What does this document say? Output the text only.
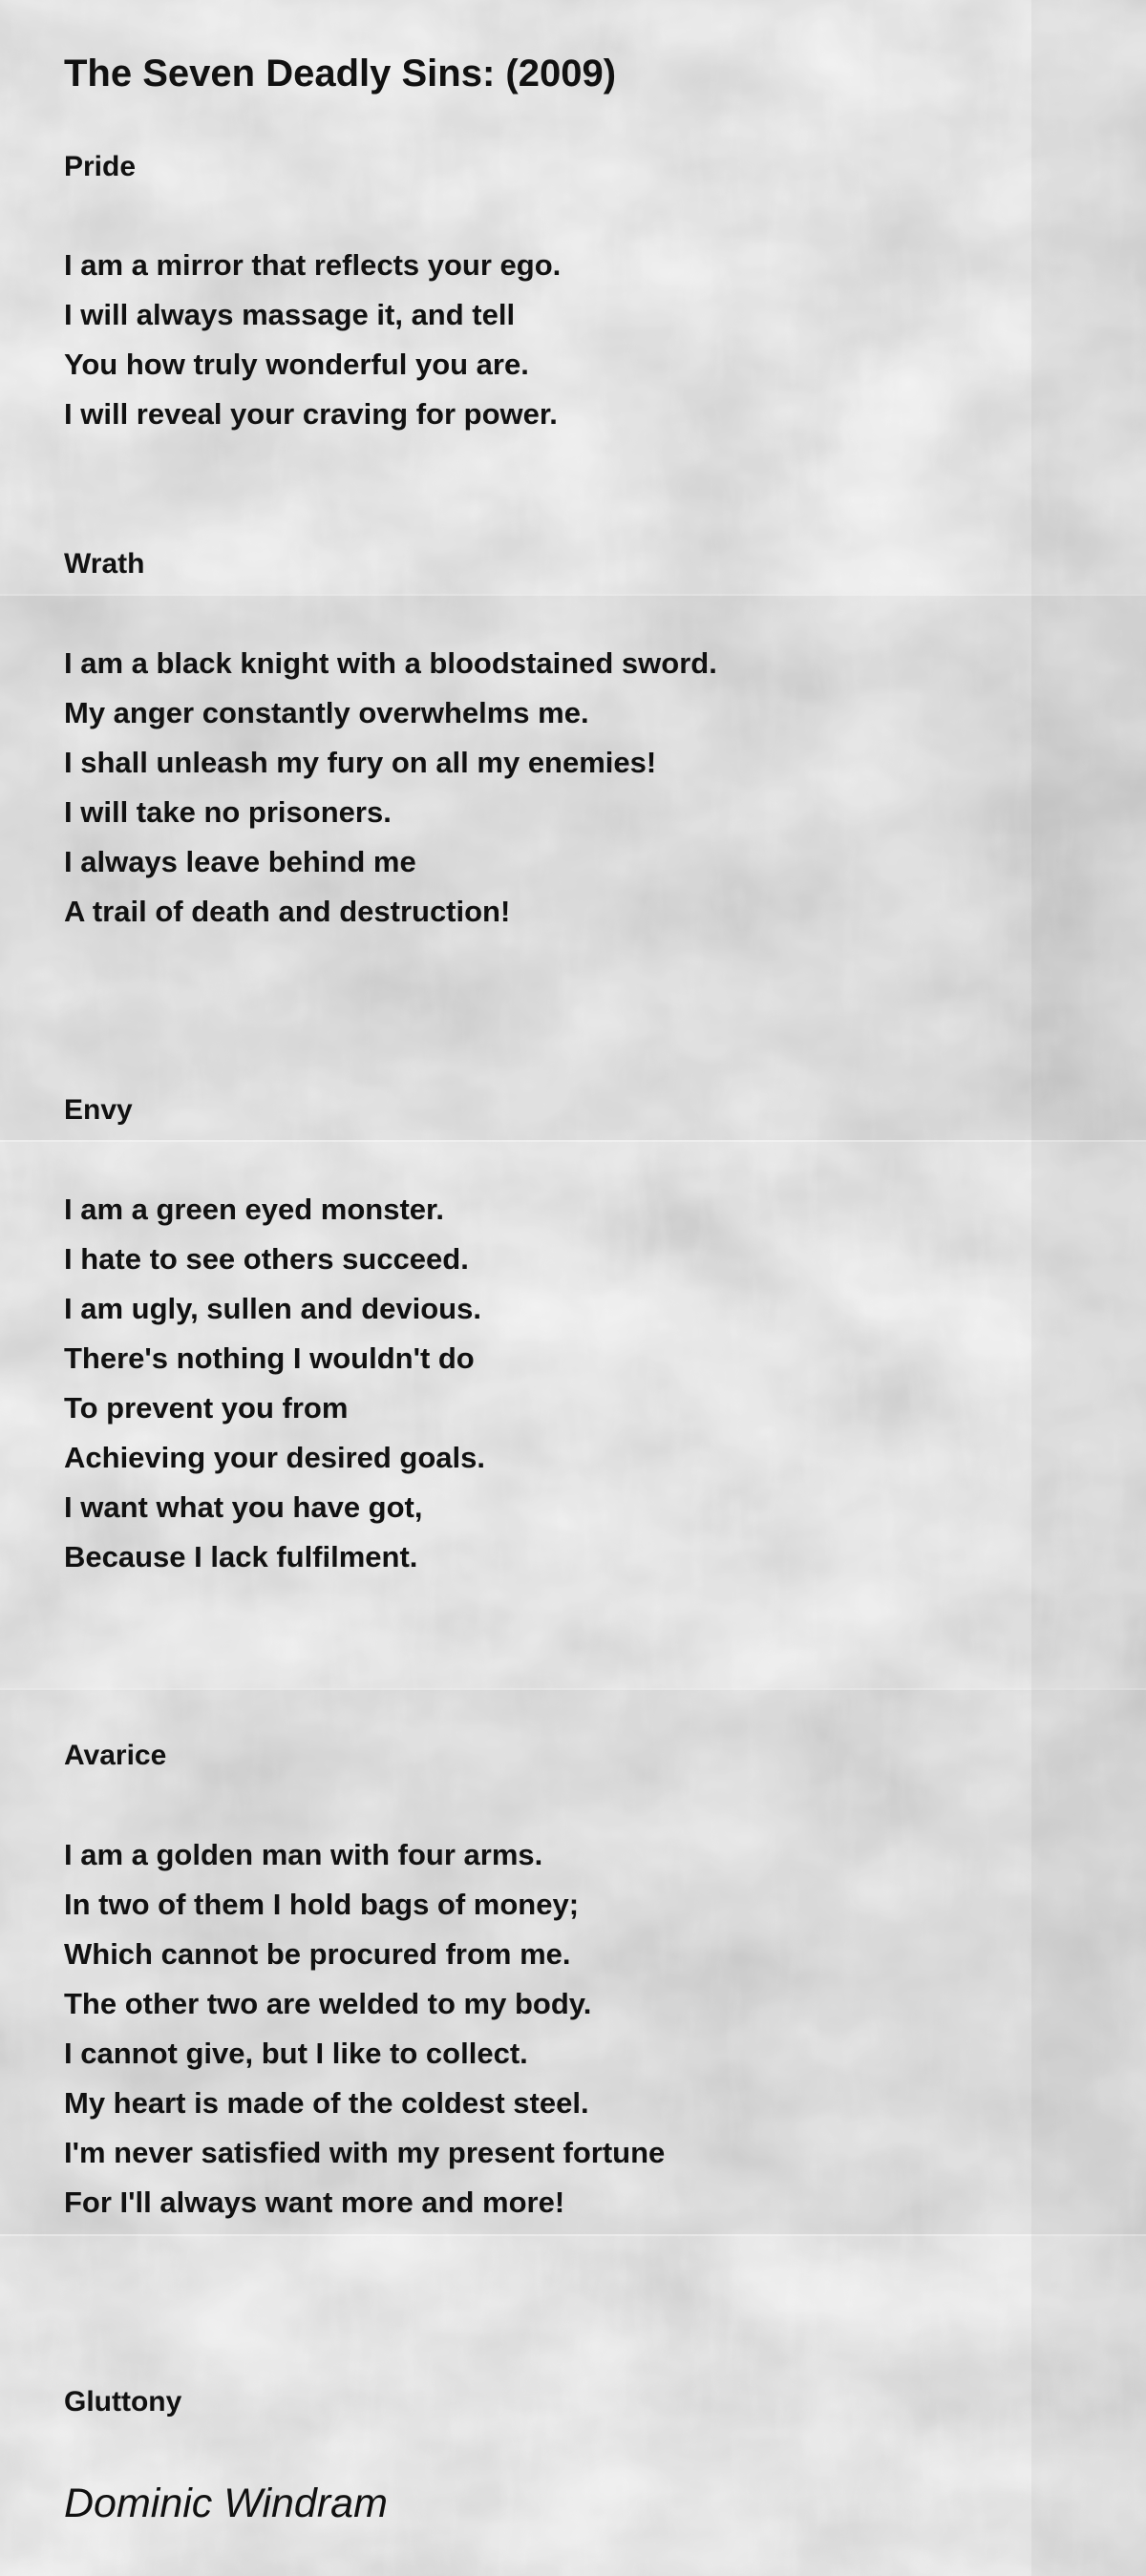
The Seven Deadly Sins: (2009)
Pride
I am a mirror that reflects your ego.
I will always massage it, and tell
You how truly wonderful you are.
I will reveal your craving for power.
Wrath
I am a black knight with a bloodstained sword.
My anger constantly overwhelms me.
I shall unleash my fury on all my enemies!
I will take no prisoners.
I always leave behind me
A trail of death and destruction!
Envy
I am a green eyed monster.
I hate to see others succeed.
I am ugly, sullen and devious.
There's nothing I wouldn't do
To prevent you from
Achieving your desired goals.
I want what you have got,
Because I lack fulfilment.
Avarice
I am a golden man with four arms.
In two of them I hold bags of money;
Which cannot be procured from me.
The other two are welded to my body.
I cannot give, but I like to collect.
My heart is made of the coldest steel.
I'm never satisfied with my present fortune
For I'll always want more and more!
Gluttony

Dominic Windram
